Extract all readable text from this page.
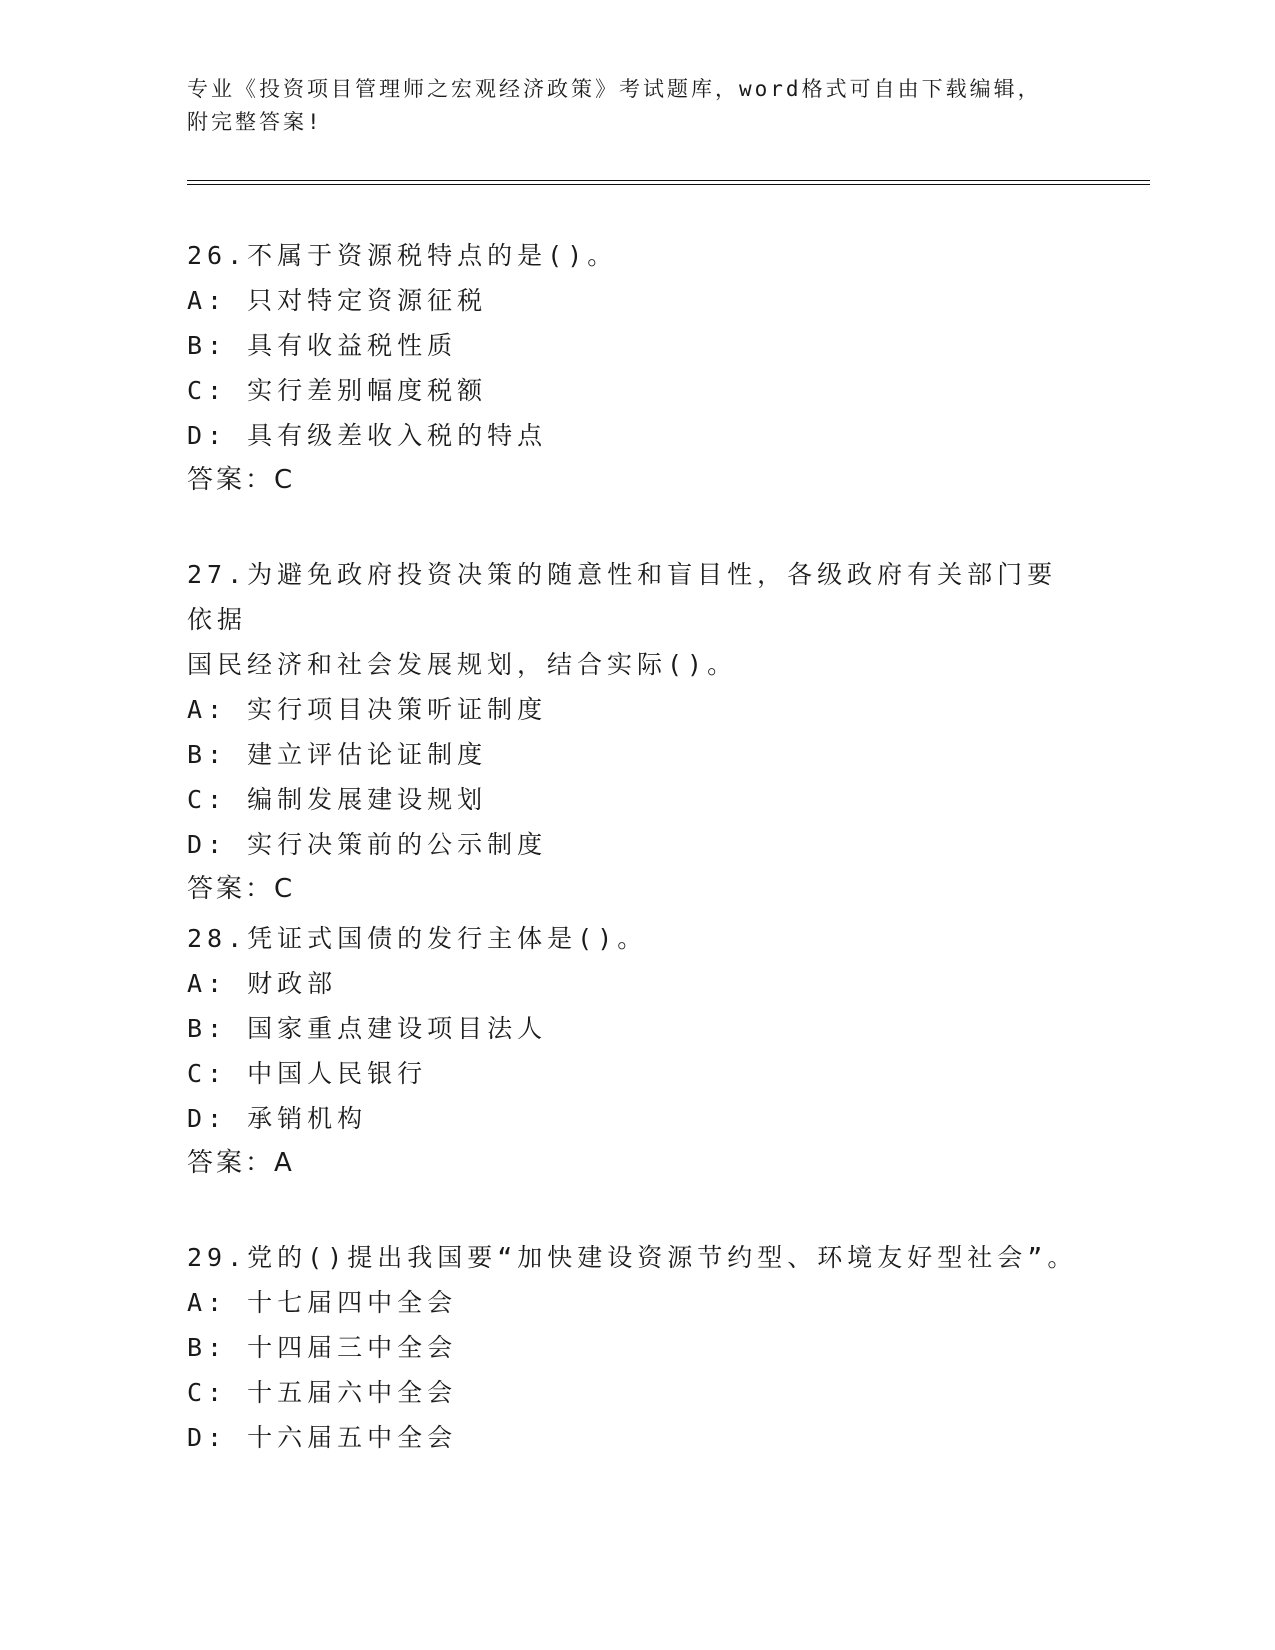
专业《投资项目管理师之宏观经济政策》考试题库，word格式可自由下载编辑，
附完整答案!
26.不属于资源税特点的是()。
A: 只对特定资源征税
B: 具有收益税性质
C: 实行差别幅度税额
D: 具有级差收入税的特点
答案：C
27.为避免政府投资决策的随意性和盲目性，各级政府有关部门要依据
国民经济和社会发展规划，结合实际()。
A: 实行项目决策听证制度
B: 建立评估论证制度
C: 编制发展建设规划
D: 实行决策前的公示制度
答案：C
28.凭证式国债的发行主体是()。
A: 财政部
B: 国家重点建设项目法人
C: 中国人民银行
D: 承销机构
答案：A
29.党的()提出我国要“加快建设资源节约型、环境友好型社会”。
A: 十七届四中全会
B: 十四届三中全会
C: 十五届六中全会
D: 十六届五中全会
